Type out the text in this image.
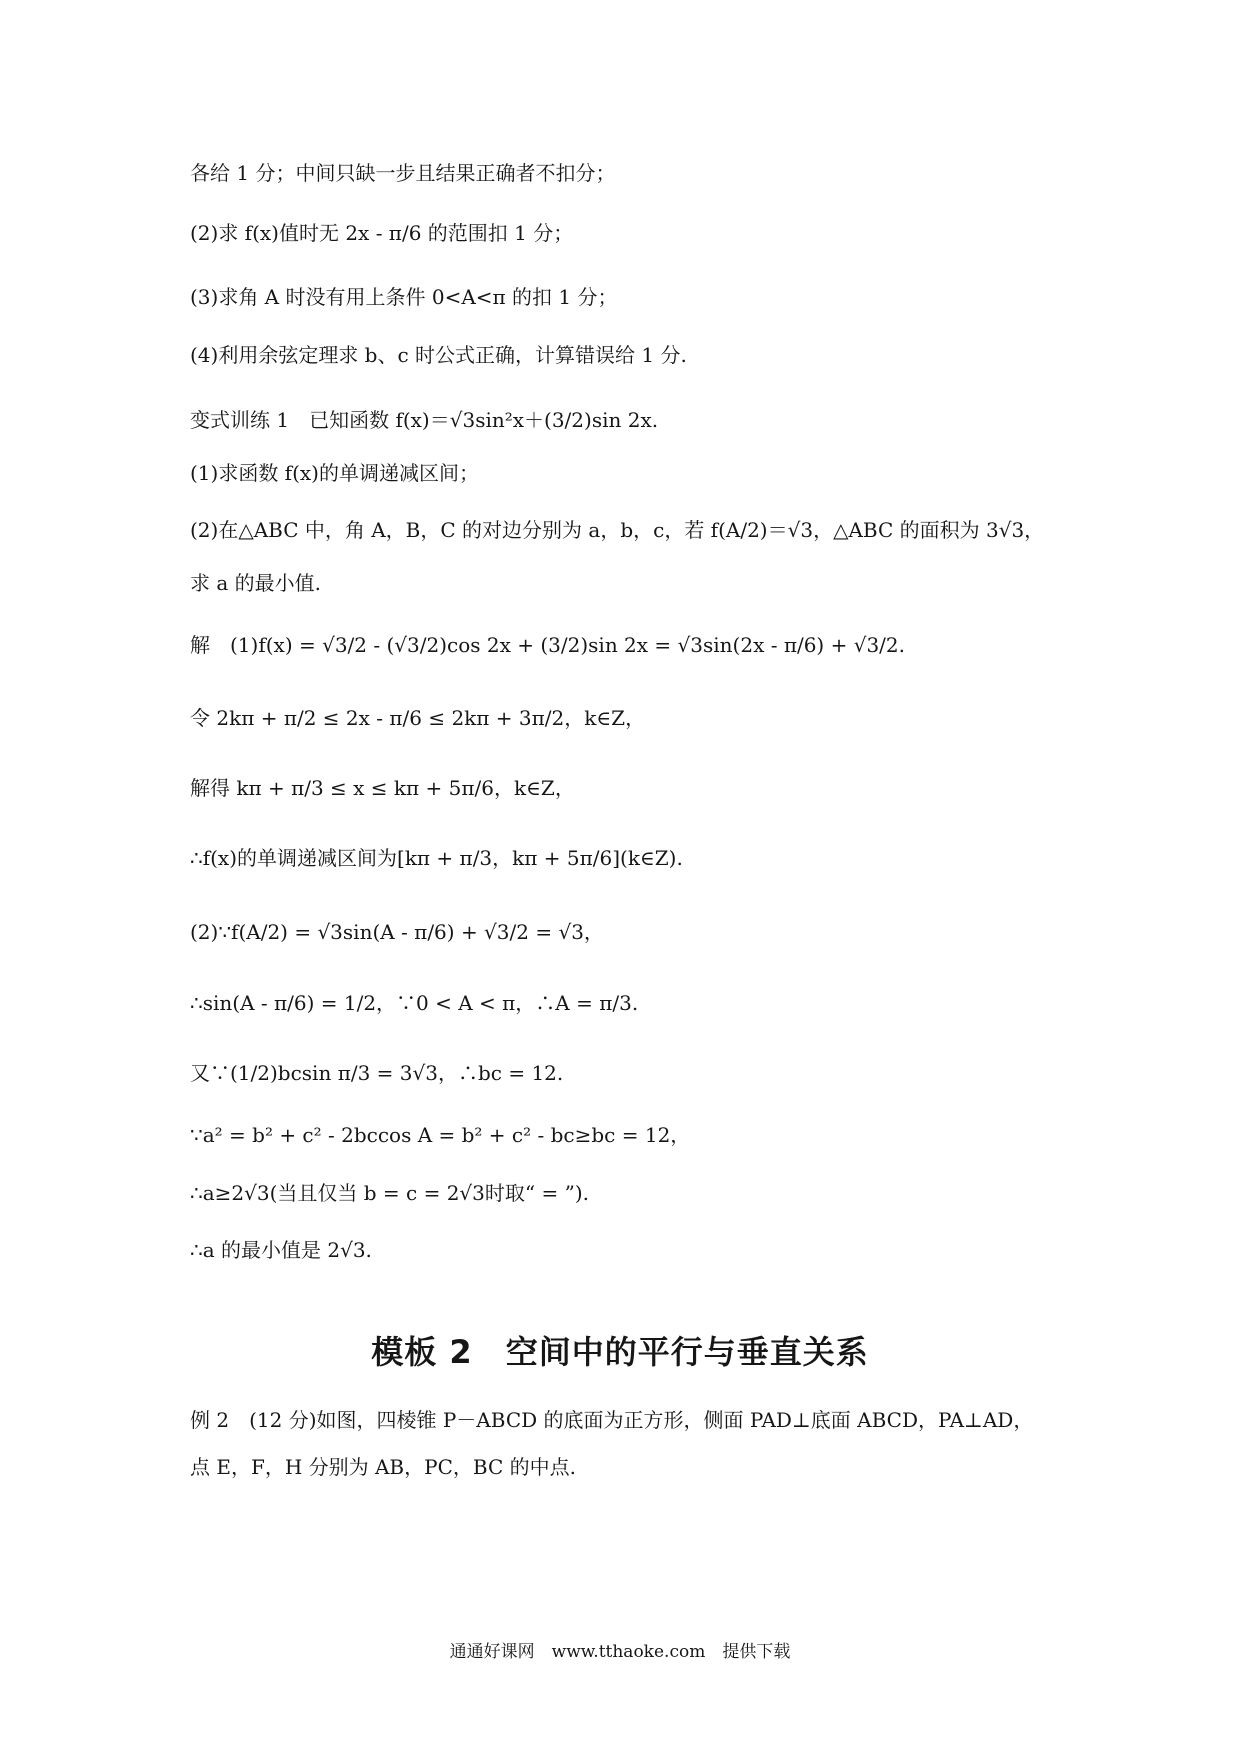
各给 1 分；中间只缺一步且结果正确者不扣分；
(2)求 f(x)值时无 2x - π/6 的范围扣 1 分；
(3)求角 A 时没有用上条件 0<A<π 的扣 1 分；
(4)利用余弦定理求 b、c 时公式正确，计算错误给 1 分.
变式训练 1　已知函数 f(x)＝√3sin²x＋(3/2)sin 2x.
(1)求函数 f(x)的单调递减区间；
(2)在△ABC 中，角 A，B，C 的对边分别为 a，b，c，若 f(A/2)＝√3，△ABC 的面积为 3√3，
求 a 的最小值.
解　(1)f(x) = √3/2 - (√3/2)cos 2x + (3/2)sin 2x = √3sin(2x - π/6) + √3/2.
令 2kπ + π/2 ≤ 2x - π/6 ≤ 2kπ + 3π/2，k∈Z，
解得 kπ + π/3 ≤ x ≤ kπ + 5π/6，k∈Z，
∴f(x)的单调递减区间为[kπ + π/3，kπ + 5π/6](k∈Z).
(2)∵f(A/2) = √3sin(A - π/6) + √3/2 = √3，
∴sin(A - π/6) = 1/2，∵0 < A < π，∴A = π/3.
又∵(1/2)bcsin π/3 = 3√3，∴bc = 12.
∵a² = b² + c² - 2bccos A = b² + c² - bc≥bc = 12，
∴a≥2√3(当且仅当 b = c = 2√3时取“ = ”).
∴a 的最小值是 2√3.
模板 2　空间中的平行与垂直关系
例 2　(12 分)如图，四棱锥 P－ABCD 的底面为正方形，侧面 PAD⊥底面 ABCD，PA⊥AD，
点 E，F，H 分别为 AB，PC，BC 的中点.
通通好课网　www.tthaoke.com　提供下载
